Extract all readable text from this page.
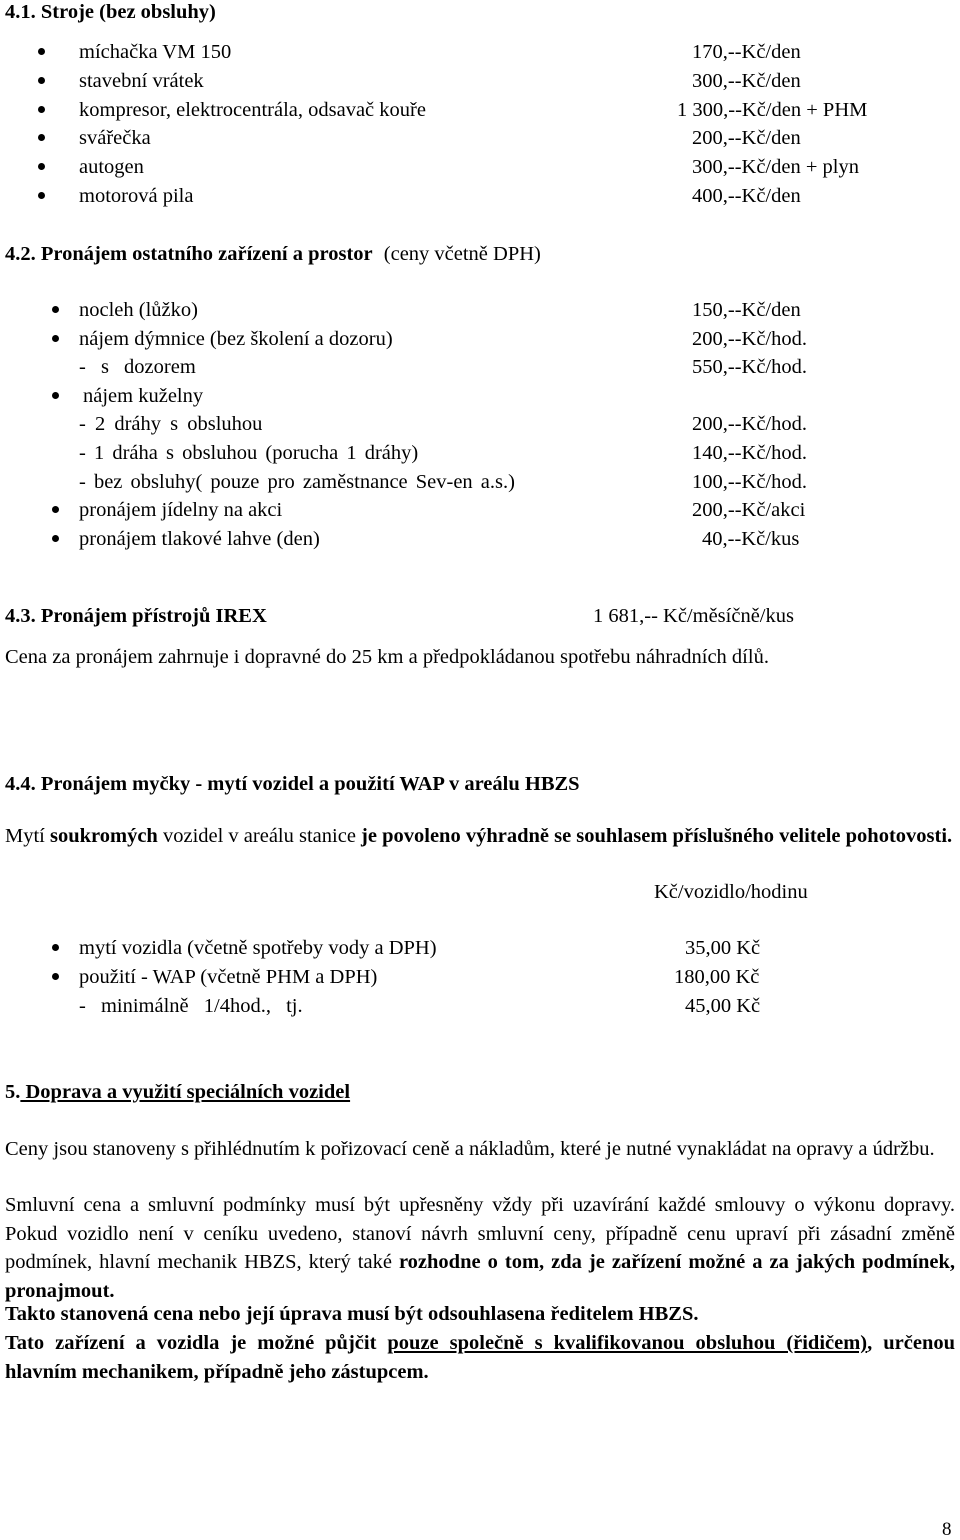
4.1. Stroje (bez obsluhy)
míchačka VM 150	170,--Kč/den
stavební vrátek	300,--Kč/den
kompresor, elektrocentrála, odsavač kouře	1 300,--Kč/den + PHM
svářečka	200,--Kč/den
autogen	300,--Kč/den + plyn
motorová pila	400,--Kč/den
4.2. Pronájem ostatního zařízení a prostor (ceny včetně DPH)
nocleh (lůžko)	150,--Kč/den
nájem dýmnice (bez školení a dozoru)	200,--Kč/hod.
- s dozorem	550,--Kč/hod.
nájem kuželny
- 2 dráhy s obsluhou	200,--Kč/hod.
- 1 dráha s obsluhou (porucha 1 dráhy)	140,--Kč/hod.
- bez obsluhy( pouze pro zaměstnance Sev-en a.s.)	100,--Kč/hod.
pronájem jídelny na akci	200,--Kč/akci
pronájem tlakové lahve (den)	40,--Kč/kus
4.3. Pronájem přístrojů IREX	1 681,-- Kč/měsíčně/kus
Cena za pronájem zahrnuje i dopravné do 25 km a předpokládanou spotřebu náhradních dílů.
4.4. Pronájem myčky - mytí vozidel a použití WAP v areálu HBZS
Mytí soukromých vozidel v areálu stanice je povoleno výhradně se souhlasem příslušného velitele pohotovosti.
Kč/vozidlo/hodinu
mytí vozidla (včetně spotřeby vody a DPH)	35,00 Kč
použití - WAP (včetně PHM a DPH)	180,00 Kč
- minimálně 1/4hod., tj.	45,00 Kč
5. Doprava a využití speciálních vozidel
Ceny jsou stanoveny s přihlédnutím k pořizovací ceně a nákladům, které je nutné vynakládat na opravy a údržbu.
Smluvní cena a smluvní podmínky musí být upřesněny vždy při uzavírání každé smlouvy o výkonu dopravy. Pokud vozidlo není v ceníku uvedeno, stanoví návrh smluvní ceny, případně cenu upraví při zásadní změně podmínek, hlavní mechanik HBZS, který také rozhodne o tom, zda je zařízení možné a za jakých podmínek, pronajmout.
Takto stanovená cena nebo její úprava musí být odsouhlasena ředitelem HBZS.
Tato zařízení a vozidla je možné půjčit pouze společně s kvalifikovanou obsluhou (řidičem), určenou hlavním mechanikem, případně jeho zástupcem.
8
